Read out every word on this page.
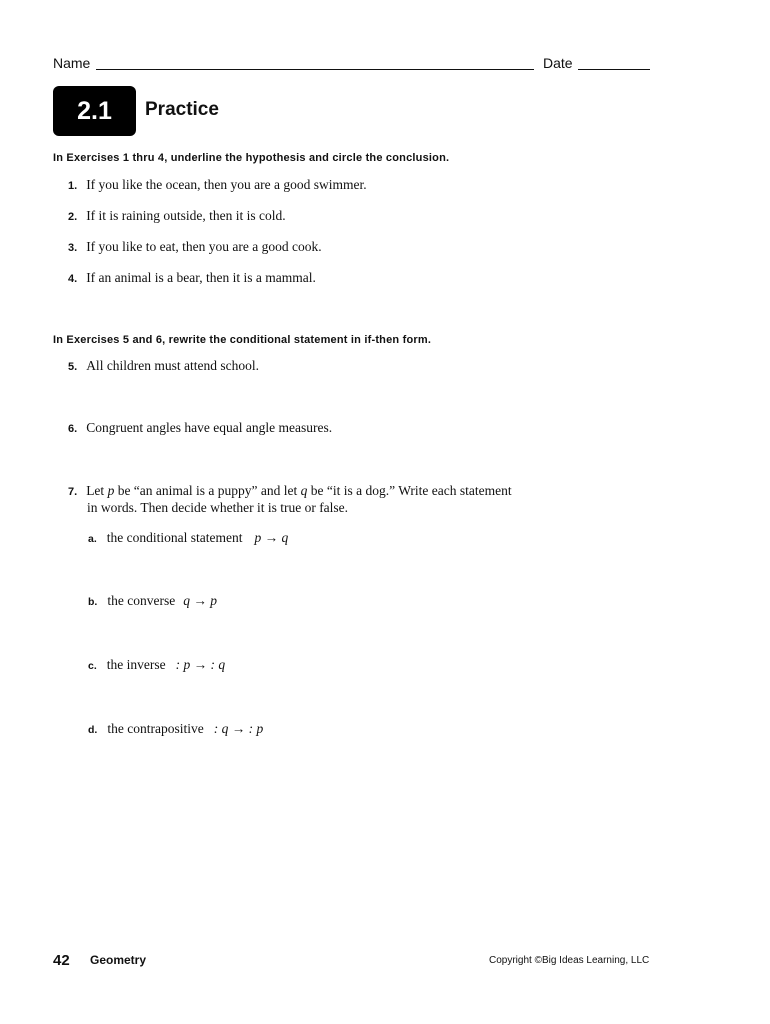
Name	Date
2.1 Practice
In Exercises 1 thru 4, underline the hypothesis and circle the conclusion.
1. If you like the ocean, then you are a good swimmer.
2. If it is raining outside, then it is cold.
3. If you like to eat, then you are a good cook.
4. If an animal is a bear, then it is a mammal.
In Exercises 5 and 6, rewrite the conditional statement in if-then form.
5. All children must attend school.
6. Congruent angles have equal angle measures.
7. Let p be “an animal is a puppy” and let q be “it is a dog.” Write each statement
in words. Then decide whether it is true or false.
a. the conditional statement p → q
b. the converse q → p
c. the inverse : p → : q
d. the contrapositive : q → : p
42 Geometry	Copyright ©Big Ideas Learning, LLC
